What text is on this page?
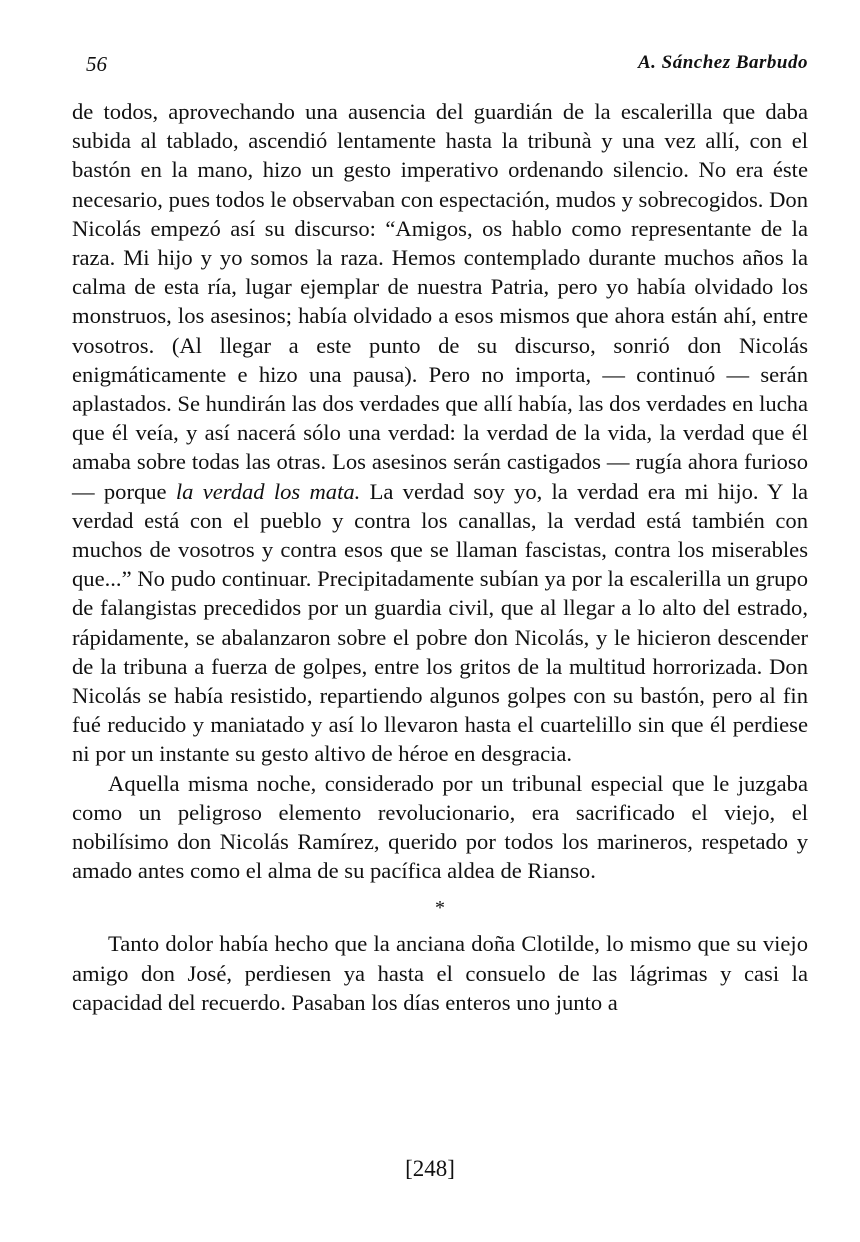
56	A. Sánchez Barbudo

de todos, aprovechando una ausencia del guardián de la escalerilla que daba subida al tablado, ascendió lentamente hasta la tribunà y una vez allí, con el bastón en la mano, hizo un gesto imperativo ordenando silencio. No era éste necesario, pues todos le observaban con espectación, mudos y sobrecogidos. Don Nicolás empezó así su discurso: “Amigos, os hablo como representante de la raza. Mi hijo y yo somos la raza. Hemos contemplado durante muchos años la calma de esta ría, lugar ejemplar de nuestra Patria, pero yo había olvidado los monstruos, los asesinos; había olvidado a esos mismos que ahora están ahí, entre vosotros. (Al llegar a este punto de su discurso, sonrió don Nicolás enigmáticamente e hizo una pausa). Pero no importa, — continuó — serán aplastados. Se hundirán las dos verdades que allí había, las dos verdades en lucha que él veía, y así nacerá sólo una verdad: la verdad de la vida, la verdad que él amaba sobre todas las otras. Los asesinos serán castigados — rugía ahora furioso — porque la verdad los mata. La verdad soy yo, la verdad era mi hijo. Y la verdad está con el pueblo y contra los canallas, la verdad está también con muchos de vosotros y contra esos que se llaman fascistas, contra los miserables que...” No pudo continuar. Precipitadamente subían ya por la escalerilla un grupo de falangistas precedidos por un guardia civil, que al llegar a lo alto del estrado, rápidamente, se abalanzaron sobre el pobre don Nicolás, y le hicieron descender de la tribuna a fuerza de golpes, entre los gritos de la multitud horrorizada. Don Nicolás se había resistido, repartiendo algunos golpes con su bastón, pero al fin fué reducido y maniatado y así lo llevaron hasta el cuartelillo sin que él perdiese ni por un instante su gesto altivo de héroe en desgracia.

Aquella misma noche, considerado por un tribunal especial que le juzgaba como un peligroso elemento revolucionario, era sacrificado el viejo, el nobilísimo don Nicolás Ramírez, querido por todos los marineros, respetado y amado antes como el alma de su pacífica aldea de Rianso.

*

Tanto dolor había hecho que la anciana doña Clotilde, lo mismo que su viejo amigo don José, perdiesen ya hasta el consuelo de las lágrimas y casi la capacidad del recuerdo. Pasaban los días enteros uno junto a

[248]
